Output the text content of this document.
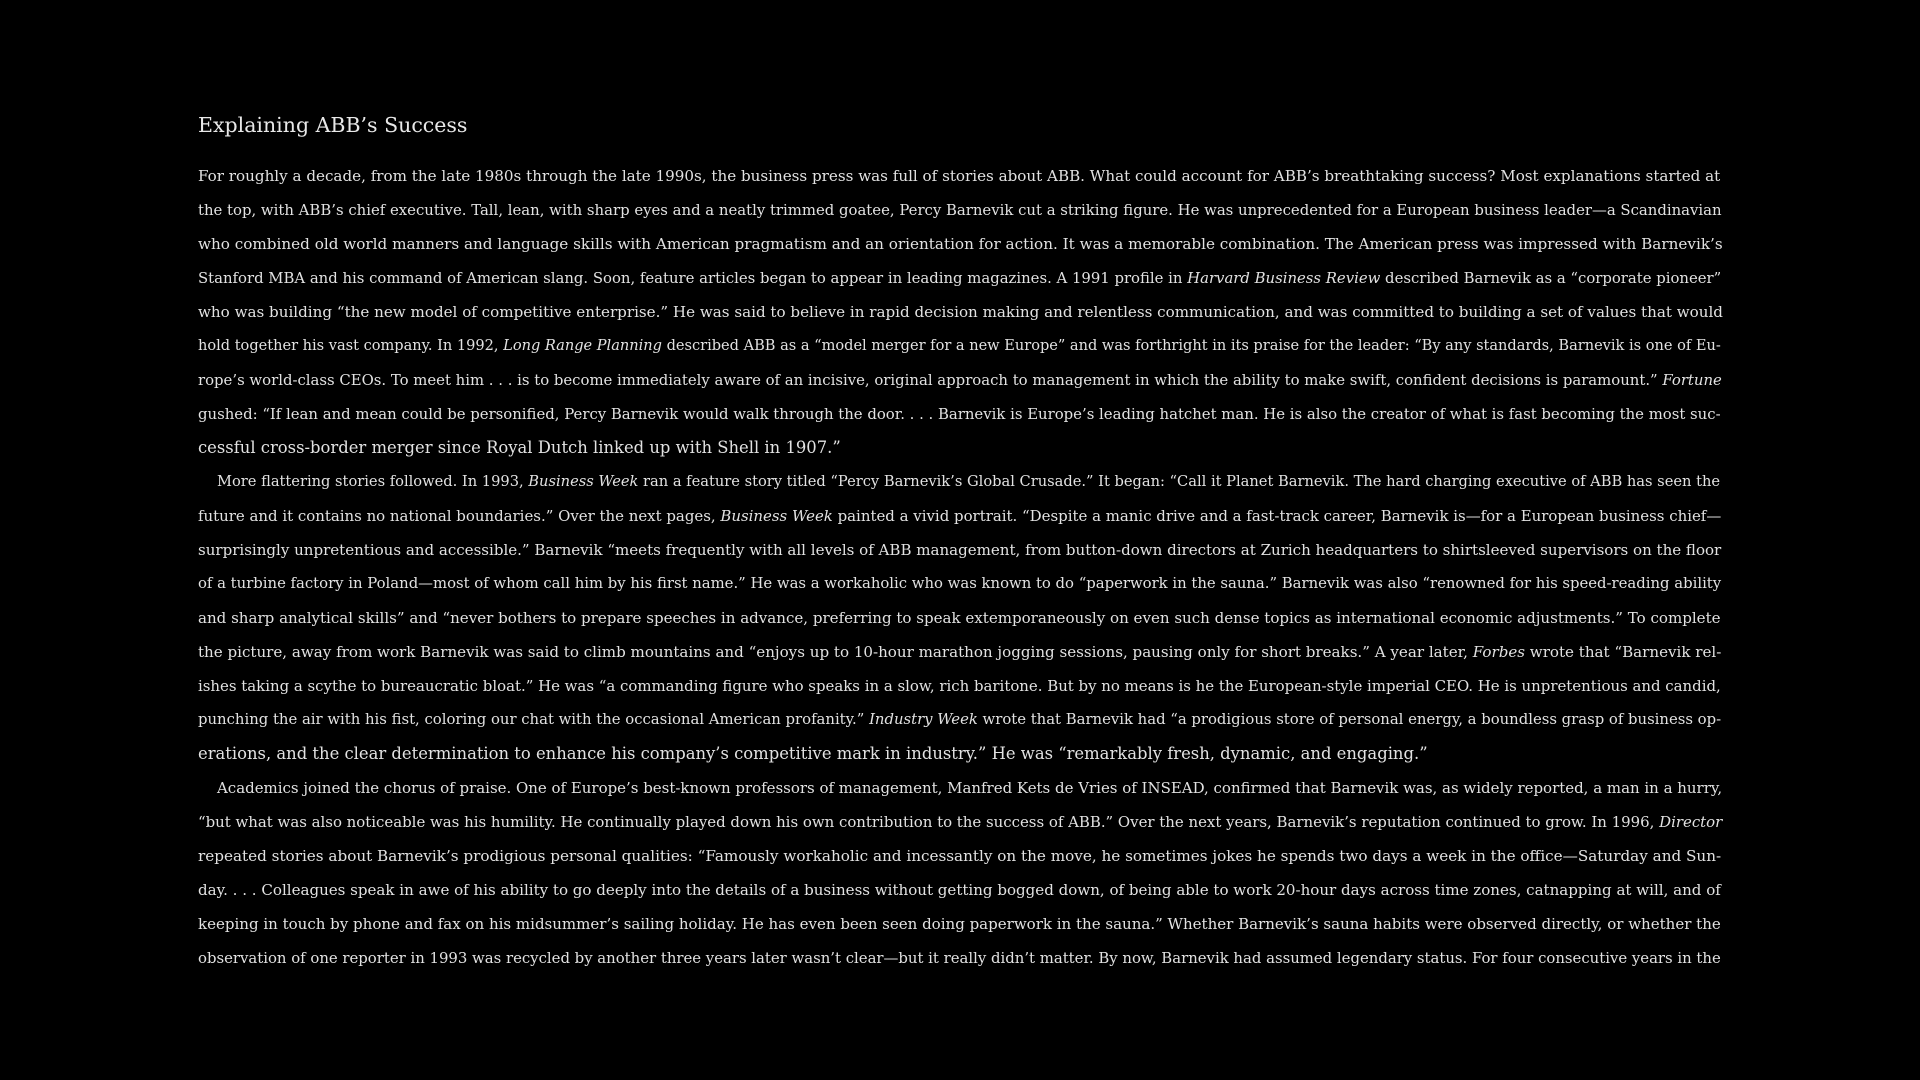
Explaining ABB’s Success
For roughly a decade, from the late 1980s through the late 1990s, the business press was full of stories about ABB. What could account for ABB’s breathtaking success? Most explanations started at
the top, with ABB’s chief executive. Tall, lean, with sharp eyes and a neatly trimmed goatee, Percy Barnevik cut a striking figure. He was unprecedented for a European business leader—a Scandinavian
who combined old world manners and language skills with American pragmatism and an orientation for action. It was a memorable combination. The American press was impressed with Barnevik’s
Stanford MBA and his command of American slang. Soon, feature articles began to appear in leading magazines. A 1991 profile in Harvard Business Review described Barnevik as a “corporate pioneer”
who was building “the new model of competitive enterprise.” He was said to believe in rapid decision making and relentless communication, and was committed to building a set of values that would
hold together his vast company. In 1992, Long Range Planning described ABB as a “model merger for a new Europe” and was forthright in its praise for the leader: “By any standards, Barnevik is one of Eu-
rope’s world-class CEOs. To meet him . . . is to become immediately aware of an incisive, original approach to management in which the ability to make swift, confident decisions is paramount.” Fortune
gushed: “If lean and mean could be personified, Percy Barnevik would walk through the door. . . . Barnevik is Europe’s leading hatchet man. He is also the creator of what is fast becoming the most suc-
cessful cross-border merger since Royal Dutch linked up with Shell in 1907.”
More flattering stories followed. In 1993, Business Week ran a feature story titled “Percy Barnevik’s Global Crusade.” It began: “Call it Planet Barnevik. The hard charging executive of ABB has seen the
future and it contains no national boundaries.” Over the next pages, Business Week painted a vivid portrait. “Despite a manic drive and a fast-track career, Barnevik is—for a European business chief—
surprisingly unpretentious and accessible.” Barnevik “meets frequently with all levels of ABB management, from button-down directors at Zurich headquarters to shirtsleeved supervisors on the floor
of a turbine factory in Poland—most of whom call him by his first name.” He was a workaholic who was known to do “paperwork in the sauna.” Barnevik was also “renowned for his speed-reading ability
and sharp analytical skills” and “never bothers to prepare speeches in advance, preferring to speak extemporaneously on even such dense topics as international economic adjustments.” To complete
the picture, away from work Barnevik was said to climb mountains and “enjoys up to 10-hour marathon jogging sessions, pausing only for short breaks.” A year later, Forbes wrote that “Barnevik rel-
ishes taking a scythe to bureaucratic bloat.” He was “a commanding figure who speaks in a slow, rich baritone. But by no means is he the European-style imperial CEO. He is unpretentious and candid,
punching the air with his fist, coloring our chat with the occasional American profanity.” Industry Week wrote that Barnevik had “a prodigious store of personal energy, a boundless grasp of business op-
erations, and the clear determination to enhance his company’s competitive mark in industry.” He was “remarkably fresh, dynamic, and engaging.”
Academics joined the chorus of praise. One of Europe’s best-known professors of management, Manfred Kets de Vries of INSEAD, confirmed that Barnevik was, as widely reported, a man in a hurry,
“but what was also noticeable was his humility. He continually played down his own contribution to the success of ABB.” Over the next years, Barnevik’s reputation continued to grow. In 1996, Director
repeated stories about Barnevik’s prodigious personal qualities: “Famously workaholic and incessantly on the move, he sometimes jokes he spends two days a week in the office—Saturday and Sun-
day. . . . Colleagues speak in awe of his ability to go deeply into the details of a business without getting bogged down, of being able to work 20-hour days across time zones, catnapping at will, and of
keeping in touch by phone and fax on his midsummer’s sailing holiday. He has even been seen doing paperwork in the sauna.” Whether Barnevik’s sauna habits were observed directly, or whether the
observation of one reporter in 1993 was recycled by another three years later wasn’t clear—but it really didn’t matter. By now, Barnevik had assumed legendary status. For four consecutive years in the
